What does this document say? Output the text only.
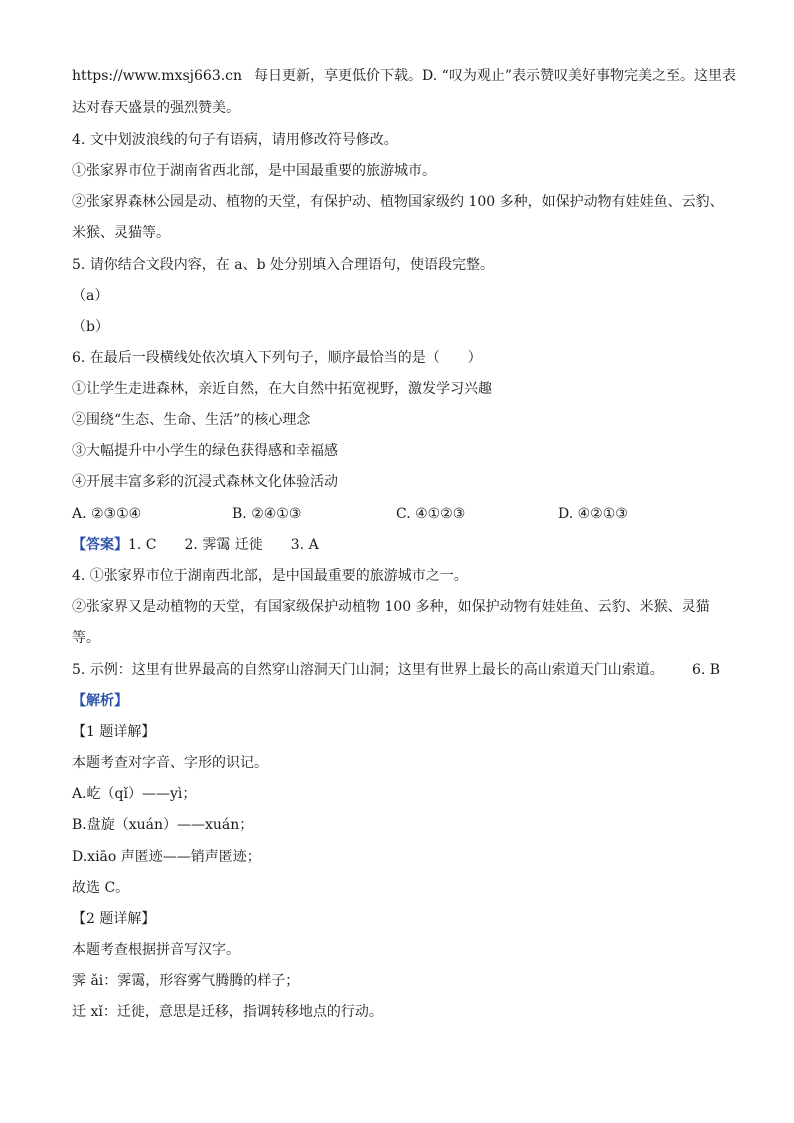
https://www.mxsj663.cn 每日更新，享更低价下载。D. “叹为观止”表示赞叹美好事物完美之至。这里表
达对春天盛景的强烈赞美。
4. 文中划波浪线的句子有语病，请用修改符号修改。
①张家界市位于湖南省西北部，是中国最重要的旅游城市。
②张家界森林公园是动、植物的天堂，有保护动、植物国家级约 100 多种，如保护动物有娃娃鱼、云豹、
米猴、灵猫等。
5. 请你结合文段内容，在 a、b 处分别填入合理语句，使语段完整。
（a）
（b）
6. 在最后一段横线处依次填入下列句子，顺序最恰当的是（　　）
①让学生走进森林，亲近自然，在大自然中拓宽视野，激发学习兴趣
②围绕“生态、生命、生活”的核心理念
③大幅提升中小学生的绿色获得感和幸福感
④开展丰富多彩的沉浸式森林文化体验活动
A. ②③①④	B. ②④①③	C. ④①②③	D. ④②①③
【答案】1. C　　2. 霁霭 迁徙　　3. A
4. ①张家界市位于湖南西北部，是中国最重要的旅游城市之一。
②张家界又是动植物的天堂，有国家级保护动植物 100 多种，如保护动物有娃娃鱼、云豹、米猴、灵猫
等。
5. 示例：这里有世界最高的自然穿山溶洞天门山洞；这里有世界上最长的高山索道天门山索道。 6. B
【解析】
【1 题详解】
本题考查对字音、字形的识记。
A.屹（qǐ）——yì；
B.盘旋（xuán）——xuán；
D.xiāo 声匿迹——销声匿迹；
故选 C。
【2 题详解】
本题考查根据拼音写汉字。
霁 ǎi：霁霭，形容雾气腾腾的样子；
迁 xǐ：迁徙，意思是迁移，指调转移地点的行动。
